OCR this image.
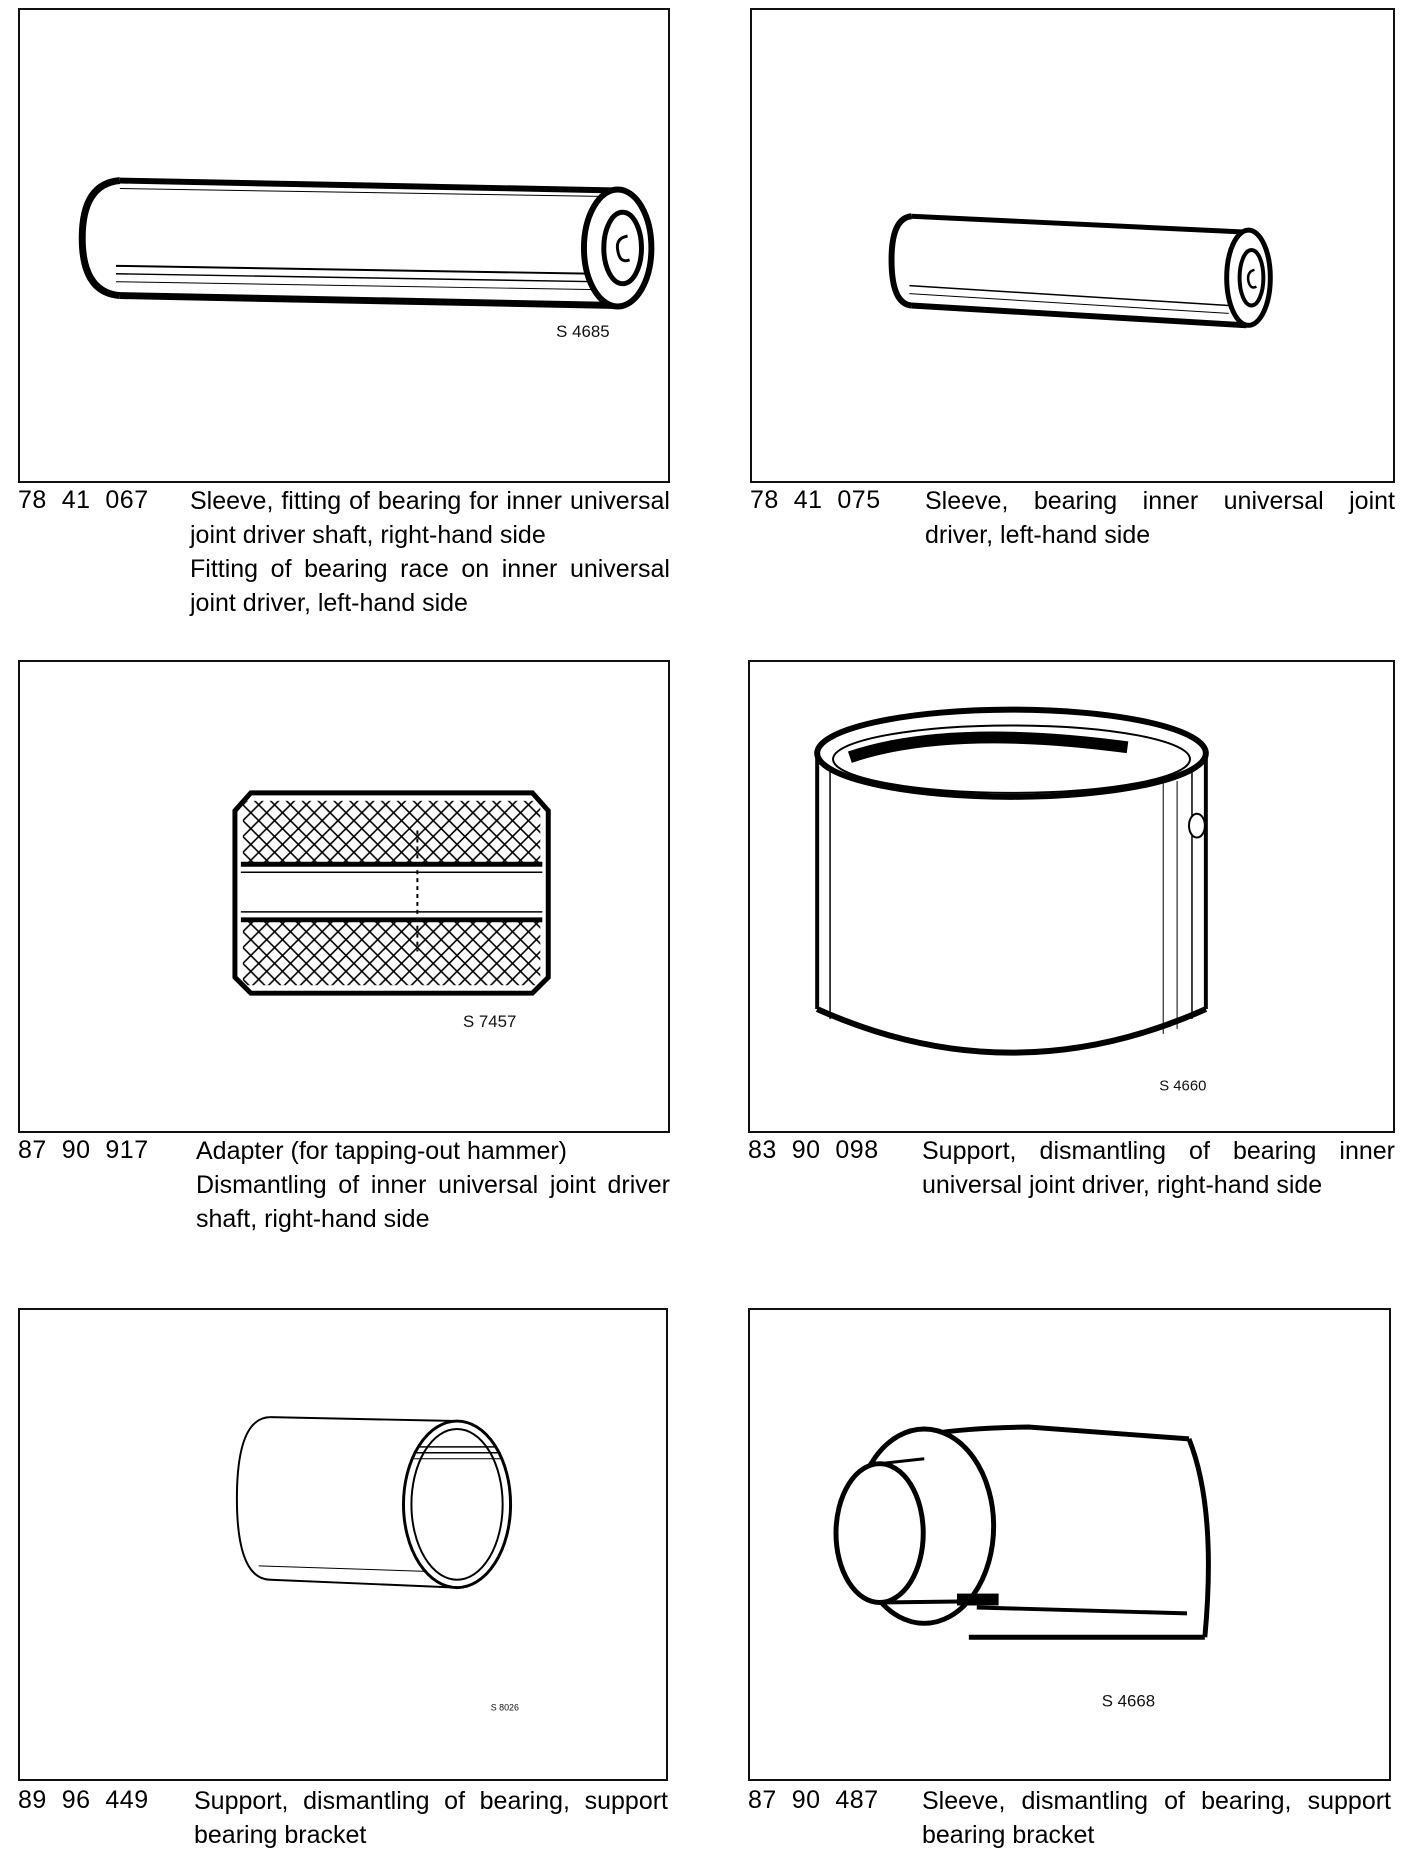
S 4685
78  41  067 Sleeve, fitting of bearing for inner universal joint driver shaft, right-hand side

Fitting of bearing race on inner universal joint driver, left-hand side

78  41  075 Sleeve, bearing inner universal joint driver, left-hand side

S 7457
87  90  917 Adapter (for tapping-out hammer)

Dismantling of inner universal joint driver shaft, right-hand side

S 4660
83  90  098 Support, dismantling of bearing inner universal joint driver, right-hand side

S 8026
89  96  449 Support, dismantling of bearing, support bearing bracket

S 4668
87  90  487 Sleeve, dismantling of bearing, support bearing bracket
